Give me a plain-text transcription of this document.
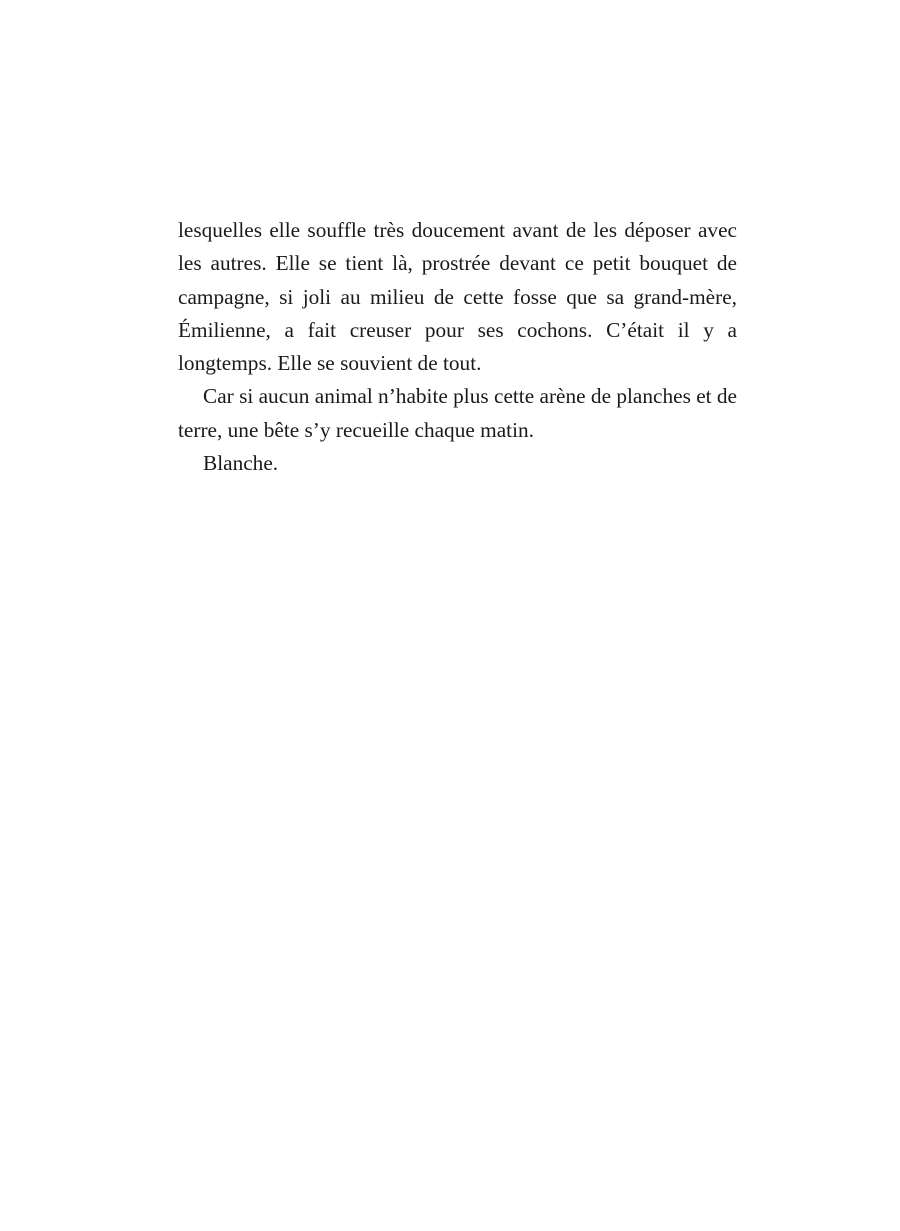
lesquelles elle souffle très doucement avant de les déposer avec les autres. Elle se tient là, prostrée devant ce petit bouquet de campagne, si joli au milieu de cette fosse que sa grand-mère, Émilienne, a fait creuser pour ses cochons. C’était il y a longtemps. Elle se souvient de tout.

Car si aucun animal n’habite plus cette arène de planches et de terre, une bête s’y recueille chaque matin.

Blanche.
